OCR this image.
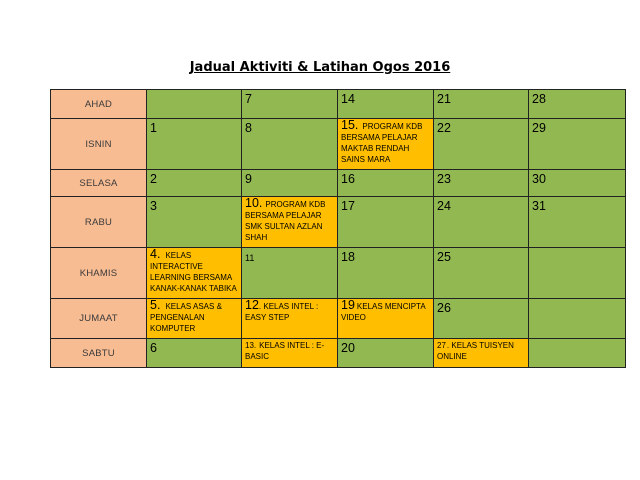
Jadual Aktiviti & Latihan Ogos 2016
AHAD		7	14	21	28
ISNIN	1	8	15. PROGRAM KDB BERSAMA PELAJAR MAKTAB RENDAH SAINS MARA	22	29
SELASA	2	9	16	23	30
RABU	3	10. PROGRAM KDB BERSAMA PELAJAR SMK SULTAN AZLAN SHAH	17	24	31
KHAMIS	4. KELAS INTERACTIVE LEARNING BERSAMA KANAK-KANAK TABIKA	11	18	25	
JUMAAT	5. KELAS ASAS & PENGENALAN KOMPUTER	12. KELAS INTEL : EASY STEP	19 KELAS MENCIPTA VIDEO	26	
SABTU	6	13. KELAS INTEL : E-BASIC	20	27. KELAS TUISYEN ONLINE	
